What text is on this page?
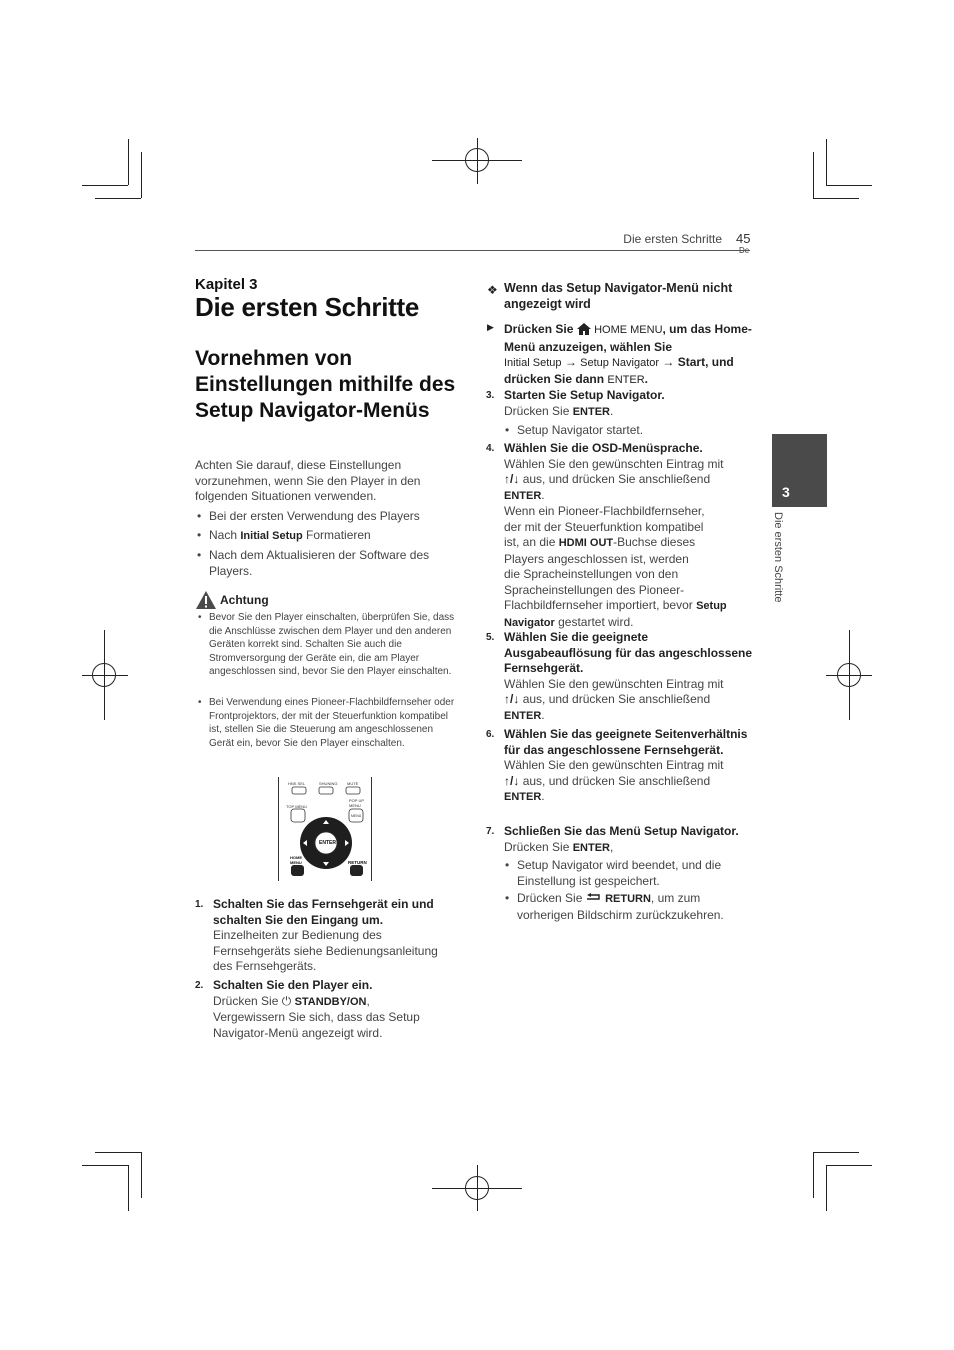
Die ersten Schritte 45
3
Die ersten Schritte
Kapitel 3
Die ersten Schritte
Vornehmen von Einstellungen mithilfe des Setup Navigator-Menüs
Achten Sie darauf, diese Einstellungen vorzunehmen, wenn Sie den Player in den folgenden Situationen verwenden.
• Bei der ersten Verwendung des Players
• Nach Initial Setup Formatieren
• Nach dem Aktualisieren der Software des Players.
Achtung
• Bevor Sie den Player einschalten, überprüfen Sie, dass die Anschlüsse zwischen dem Player und den anderen Geräten korrekt sind. Schalten Sie auch die Stromversorgung der Geräte ein, die am Player angeschlossen sind, bevor Sie den Player einschalten.
• Bei Verwendung eines Pioneer-Flachbildfernseher oder Frontprojektors, der mit der Steuerfunktion kompatibel ist, stellen Sie die Steuerung am angeschlossenen Gerät ein, bevor Sie den Player einschalten.
HNS SEL	SHUNING MUTE
TOP MENU
POP UP MENU
MENU
ENTER
HOME MENU	RETURN
1. Schalten Sie das Fernsehgerät ein und schalten Sie den Eingang um.
Einzelheiten zur Bedienung des Fernsehgeräts siehe Bedienungsanleitung des Fernsehgeräts.
2. Schalten Sie den Player ein.
Drücken Sie ⏻ STANDBY/ON,
Vergewissern Sie sich, dass das Setup Navigator-Menü angezeigt wird.
❖ Wenn das Setup Navigator-Menü nicht angezeigt wird
▶ Drücken Sie HOME MENU, um das Home-Menü anzuzeigen, wählen Sie
Initial Setup → Setup Navigator → Start, und drücken Sie dann ENTER.
3. Starten Sie Setup Navigator.
Drücken Sie ENTER.
• Setup Navigator startet.
4. Wählen Sie die OSD-Menüsprache.
Wählen Sie den gewünschten Eintrag mit
↑/↓ aus, und drücken Sie anschließend
ENTER.
Wenn ein Pioneer-Flachbildfernseher,
der mit der Steuerfunktion kompatibel
ist, an die HDMI OUT-Buchse dieses
Players angeschlossen ist, werden
die Spracheinstellungen von den
Spracheinstellungen des Pioneer-
Flachbildfernseher importiert, bevor Setup
Navigator gestartet wird.
5. Wählen Sie die geeignete Ausgabeauflösung für das angeschlossene Fernsehgerät.
Wählen Sie den gewünschten Eintrag mit
↑/↓ aus, und drücken Sie anschließend
ENTER.
6. Wählen Sie das geeignete Seitenverhältnis für das angeschlossene Fernsehgerät.
Wählen Sie den gewünschten Eintrag mit
↑/↓ aus, und drücken Sie anschließend
ENTER.
7. Schließen Sie das Menü Setup Navigator.
Drücken Sie ENTER,
• Setup Navigator wird beendet, und die Einstellung ist gespeichert.
• Drücken Sie RETURN, um zum vorherigen Bildschirm zurückzukehren.
